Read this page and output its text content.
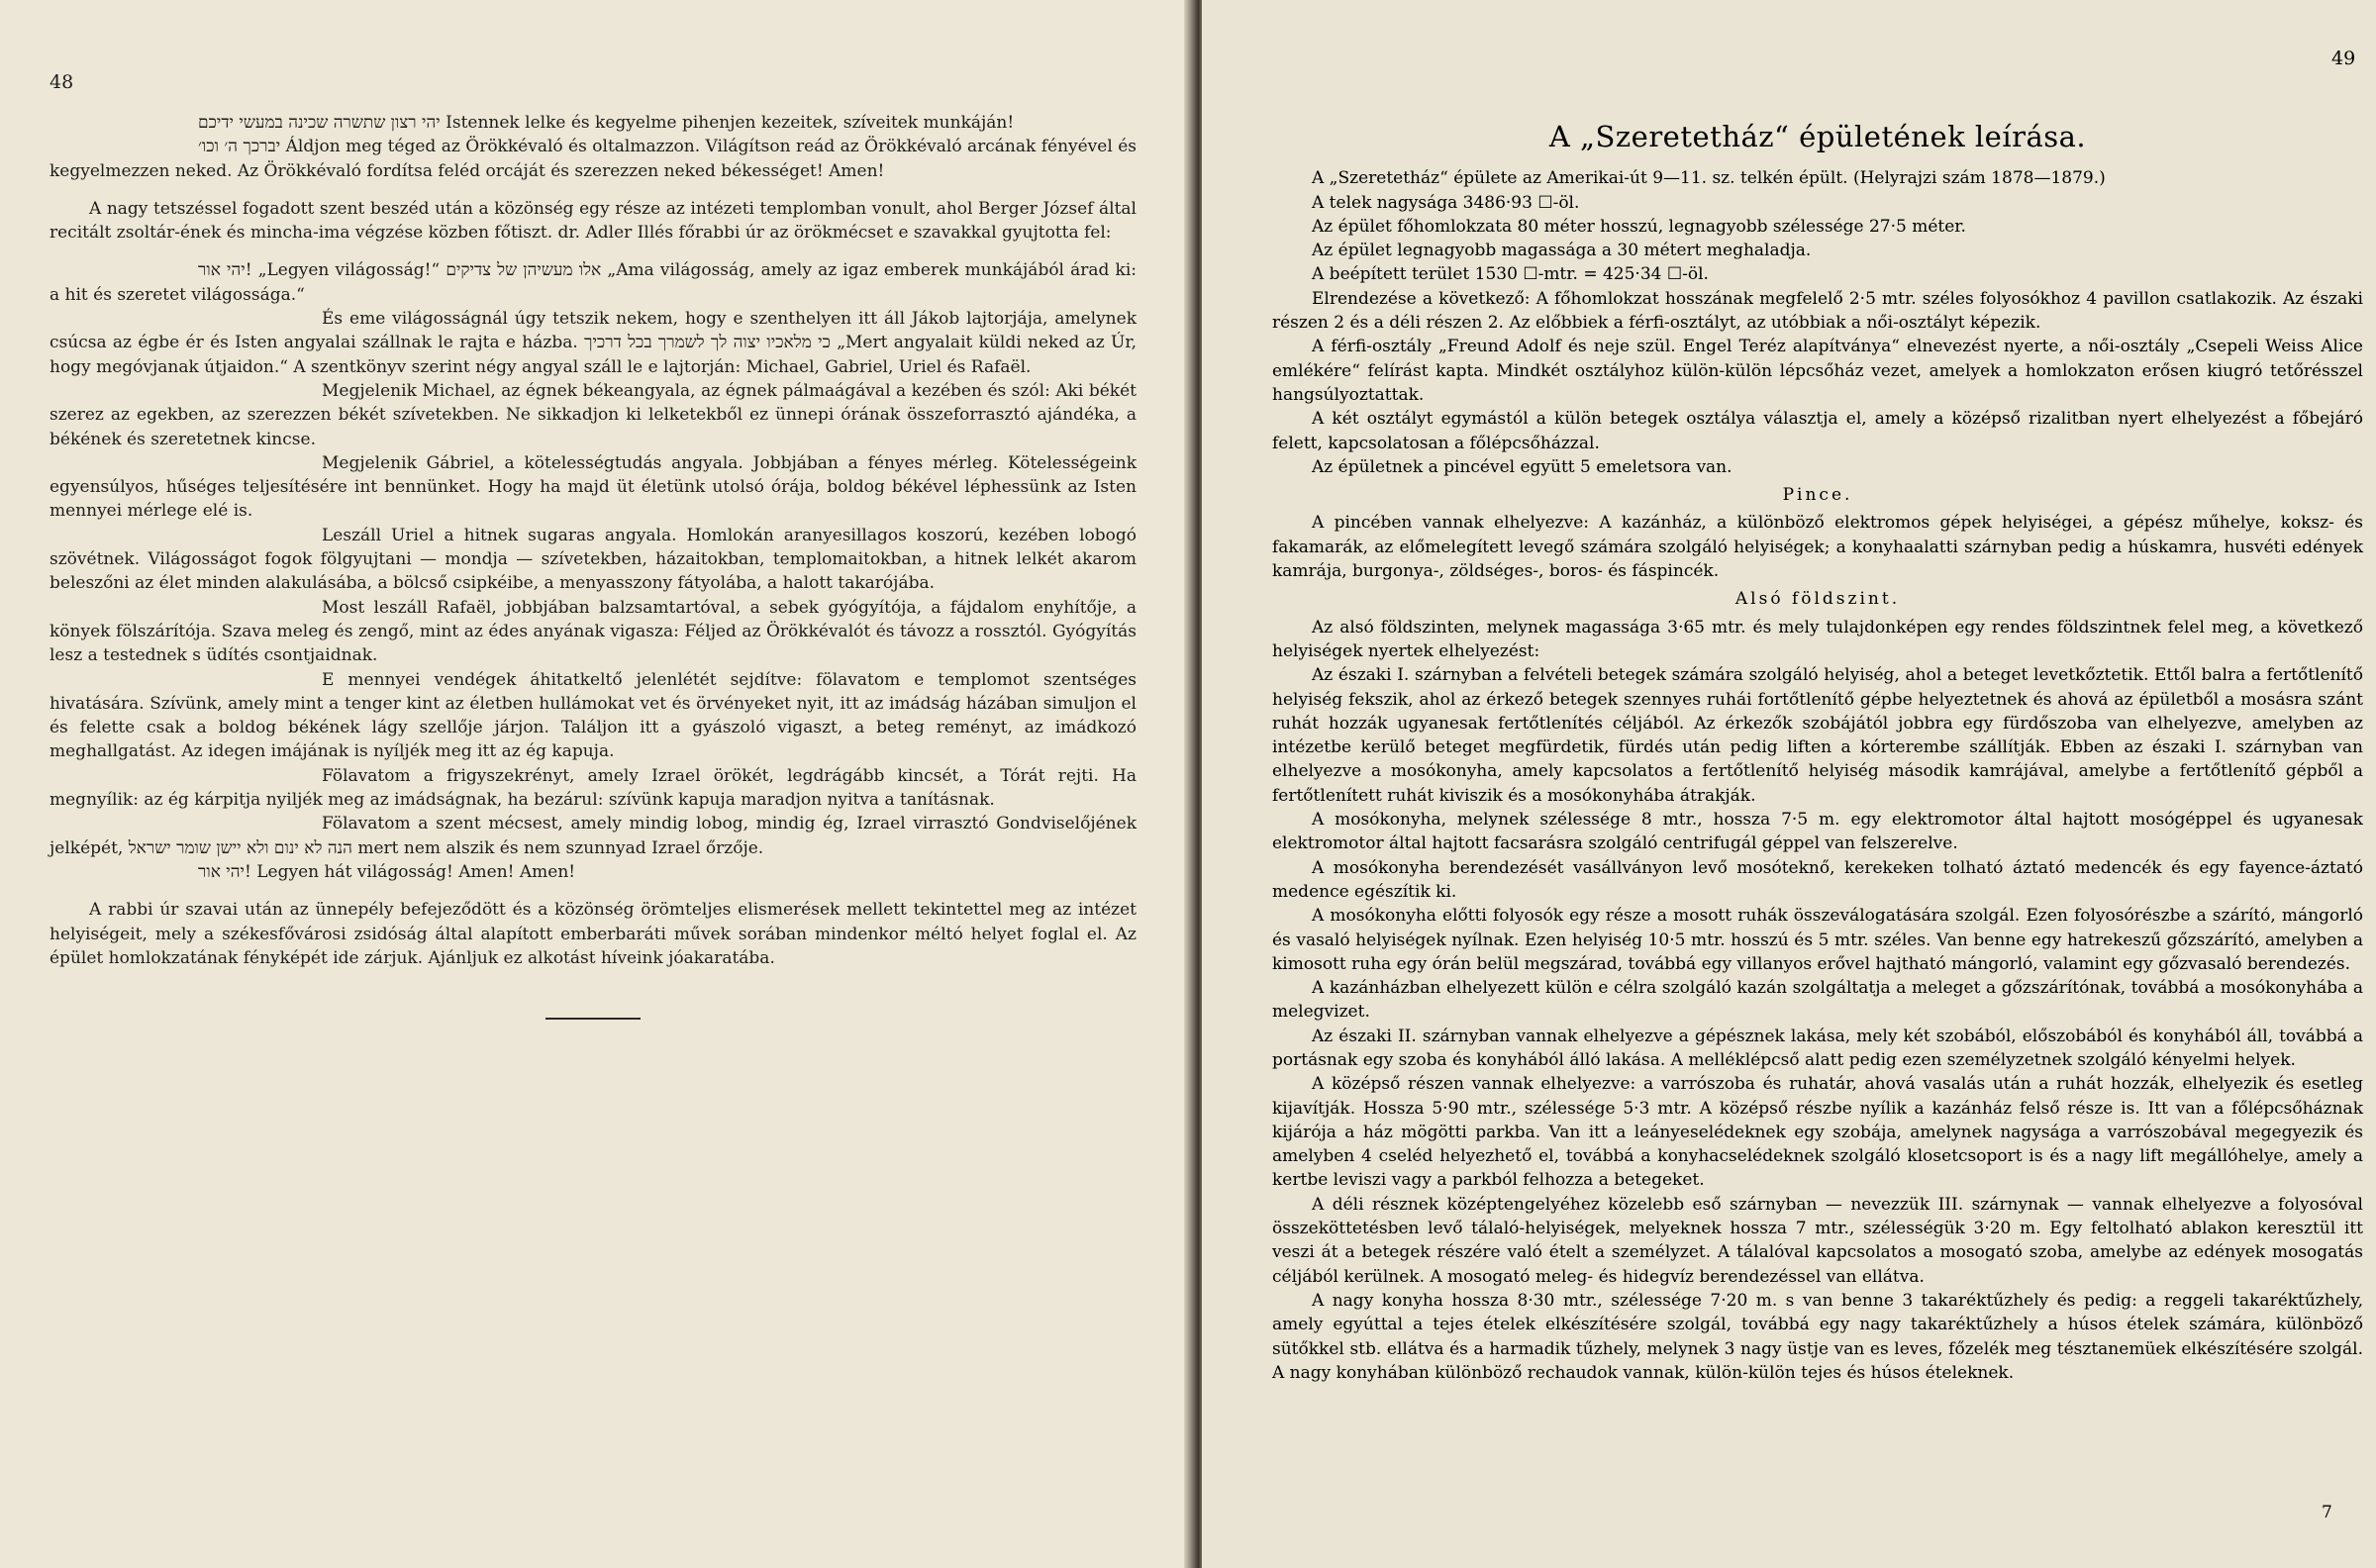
48

יהי רצון שתשרה שכינה במעשי ידיכם Istennek lelke és kegyelme pihenjen kezeitek, szíveitek munkáján!

יברכך ה׳ וכו׳ Áldjon meg téged az Örökkévaló és oltalmazzon. Világítson reád az Örökkévaló arcának fényével és kegyelmezzen neked. Az Örökkévaló fordítsa feléd orcáját és szerezzen neked békességet! Amen!

A nagy tetszéssel fogadott szent beszéd után a közönség egy része az intézeti templomban vonult, ahol Berger József által recitált zsoltár-ének és mincha-ima végzése közben főtiszt. dr. Adler Illés főrabbi úr az örökmécset e szavakkal gyujtotta fel:

יהי אור! „Legyen világosság!“ אלו מעשיהן של צדיקים „Ama világosság, amely az igaz emberek munkájából árad ki: a hit és szeretet világossága.“

És eme világosságnál úgy tetszik nekem, hogy e szenthelyen itt áll Jákob lajtorjája, amelynek csúcsa az égbe ér és Isten angyalai szállnak le rajta e házba. כי מלאכיו יצוה לך לשמרך בכל דרכיך „Mert angyalait küldi neked az Úr, hogy megóvjanak útjaidon.“ A szentkönyv szerint négy angyal száll le e lajtorján: Michael, Gabriel, Uriel és Rafaël.

Megjelenik Michael, az égnek békeangyala, az égnek pálmaágával a kezében és szól: Aki békét szerez az egekben, az szerezzen békét szívetekben. Ne sikkadjon ki lelketekből ez ünnepi órának összeforrasztó ajándéka, a békének és szeretetnek kincse.

Megjelenik Gábriel, a kötelességtudás angyala. Jobbjában a fényes mérleg. Kötelességeink egyensúlyos, hűséges teljesítésére int bennünket. Hogy ha majd üt életünk utolsó órája, boldog békével léphessünk az Isten mennyei mérlege elé is.

Leszáll Uriel a hitnek sugaras angyala. Homlokán aranyesillagos koszorú, kezében lobogó szövétnek. Világosságot fogok fölgyujtani — mondja — szívetekben, házaitokban, templomaitokban, a hitnek lelkét akarom beleszőni az élet minden alakulásába, a bölcső csipkéibe, a menyasszony fátyolába, a halott takarójába.

Most leszáll Rafaël, jobbjában balzsamtartóval, a sebek gyógyítója, a fájdalom enyhítője, a könyek fölszárítója. Szava meleg és zengő, mint az édes anyának vigasza: Féljed az Örökkévalót és távozz a rossztól. Gyógyítás lesz a testednek s üdítés csontjaidnak.

E mennyei vendégek áhitatkeltő jelenlétét sejdítve: fölavatom e templomot szentséges hivatására. Szívünk, amely mint a tenger kint az életben hullámokat vet és örvényeket nyit, itt az imádság házában simuljon el és felette csak a boldog békének lágy szellője járjon. Találjon itt a gyászoló vigaszt, a beteg reményt, az imádkozó meghallgatást. Az idegen imájának is nyíljék meg itt az ég kapuja.

Fölavatom a frigyszekrényt, amely Izrael örökét, legdrágább kincsét, a Tórát rejti. Ha megnyílik: az ég kárpitja nyiljék meg az imádságnak, ha bezárul: szívünk kapuja maradjon nyitva a tanításnak.

Fölavatom a szent mécsest, amely mindig lobog, mindig ég, Izrael virrasztó Gondviselőjének jelképét, הנה לא ינום ולא יישן שומר ישראל mert nem alszik és nem szunnyad Izrael őrzője.

יהי אור! Legyen hát világosság! Amen! Amen!

A rabbi úr szavai után az ünnepély befejeződött és a közönség örömteljes elismerések mellett tekintettel meg az intézet helyiségeit, mely a székesfővárosi zsidóság által alapított emberbaráti művek sorában mindenkor méltó helyet foglal el. Az épület homlokzatának fényképét ide zárjuk. Ajánljuk ez alkotást híveink jóakaratába.

49
A „Szeretetház“ épületének leírása.

A „Szeretetház“ épülete az Amerikai-út 9—11. sz. telkén épült. (Helyrajzi szám 1878—1879.)

A telek nagysága 3486·93 ☐-öl.

Az épület főhomlokzata 80 méter hosszú, legnagyobb szélessége 27·5 méter.

Az épület legnagyobb magassága a 30 métert meghaladja.

A beépített terület 1530 ☐-mtr. = 425·34 ☐-öl.

Elrendezése a következő: A főhomlokzat hosszának megfelelő 2·5 mtr. széles folyosókhoz 4 pavillon csatlakozik. Az északi részen 2 és a déli részen 2. Az előbbiek a férfi-osztályt, az utóbbiak a női-osztályt képezik.

A férfi-osztály „Freund Adolf és neje szül. Engel Teréz alapítványa“ elnevezést nyerte, a női-osztály „Csepeli Weiss Alice emlékére“ felírást kapta. Mindkét osztályhoz külön-külön lépcsőház vezet, amelyek a homlokzaton erősen kiugró tetőrésszel hangsúlyoztattak.

A két osztályt egymástól a külön betegek osztálya választja el, amely a középső rizalitban nyert elhelyezést a főbejáró felett, kapcsolatosan a főlépcsőházzal.

Az épületnek a pincével együtt 5 emeletsora van.

Pince.

A pincében vannak elhelyezve: A kazánház, a különböző elektromos gépek helyiségei, a gépész műhelye, koksz- és fakamarák, az előmelegített levegő számára szolgáló helyiségek; a konyhaalatti szárnyban pedig a húskamra, husvéti edények kamrája, burgonya-, zöldséges-, boros- és fáspincék.

Alsó földszint.

Az alsó földszinten, melynek magassága 3·65 mtr. és mely tulajdonképen egy rendes földszintnek felel meg, a következő helyiségek nyertek elhelyezést:

Az északi I. szárnyban a felvételi betegek számára szolgáló helyiség, ahol a beteget levetkőztetik. Ettől balra a fertőtlenítő helyiség fekszik, ahol az érkező betegek szennyes ruhái fortőtlenítő gépbe helyeztetnek és ahová az épületből a mosásra szánt ruhát hozzák ugyanesak fertőtlenítés céljából. Az érkezők szobájától jobbra egy fürdőszoba van elhelyezve, amelyben az intézetbe kerülő beteget megfürdetik, fürdés után pedig liften a kórterembe szállítják. Ebben az északi I. szárnyban van elhelyezve a mosókonyha, amely kapcsolatos a fertőtlenítő helyiség második kamrájával, amelybe a fertőtlenítő gépből a fertőtlenített ruhát kiviszik és a mosókonyhába átrakják.

A mosókonyha, melynek szélessége 8 mtr., hossza 7·5 m. egy elektromotor által hajtott mosógéppel és ugyanesak elektromotor által hajtott facsarásra szolgáló centrifugál géppel van felszerelve.

A mosókonyha berendezését vasállványon levő mosóteknő, kerekeken tolható áztató medencék és egy fayence-áztató medence egészítik ki.

A mosókonyha előtti folyosók egy része a mosott ruhák összeválogatására szolgál. Ezen folyosórészbe a szárító, mángorló és vasaló helyiségek nyílnak. Ezen helyiség 10·5 mtr. hosszú és 5 mtr. széles. Van benne egy hatrekeszű gőzszárító, amelyben a kimosott ruha egy órán belül megszárad, továbbá egy villanyos erővel hajtható mángorló, valamint egy gőzvasaló berendezés.

A kazánházban elhelyezett külön e célra szolgáló kazán szolgáltatja a meleget a gőzszárítónak, továbbá a mosókonyhába a melegvizet.

Az északi II. szárnyban vannak elhelyezve a gépésznek lakása, mely két szobából, előszobából és konyhából áll, továbbá a portásnak egy szoba és konyhából álló lakása. A melléklépcső alatt pedig ezen személyzetnek szolgáló kényelmi helyek.

A középső részen vannak elhelyezve: a varrószoba és ruhatár, ahová vasalás után a ruhát hozzák, elhelyezik és esetleg kijavítják. Hossza 5·90 mtr., szélessége 5·3 mtr. A középső részbe nyílik a kazánház felső része is. Itt van a főlépcsőháznak kijárója a ház mögötti parkba. Van itt a leányeselédeknek egy szobája, amelynek nagysága a varrószobával megegyezik és amelyben 4 cseléd helyezhető el, továbbá a konyhacselédeknek szolgáló klosetcsoport is és a nagy lift megállóhelye, amely a kertbe leviszi vagy a parkból felhozza a betegeket.

A déli résznek középtengelyéhez közelebb eső szárnyban — nevezzük III. szárnynak — vannak elhelyezve a folyosóval összeköttetésben levő tálaló-helyiségek, melyeknek hossza 7 mtr., szélességük 3·20 m. Egy feltolható ablakon keresztül itt veszi át a betegek részére való ételt a személyzet. A tálalóval kapcsolatos a mosogató szoba, amelybe az edények mosogatás céljából kerülnek. A mosogató meleg- és hidegvíz berendezéssel van ellátva.

A nagy konyha hossza 8·30 mtr., szélessége 7·20 m. s van benne 3 takaréktűzhely és pedig: a reggeli takaréktűzhely, amely egyúttal a tejes ételek elkészítésére szolgál, továbbá egy nagy takaréktűzhely a húsos ételek számára, különböző sütőkkel stb. ellátva és a harmadik tűzhely, melynek 3 nagy üstje van es leves, főzelék meg tésztanemüek elkészítésére szolgál. A nagy konyhában különböző rechaudok vannak, külön-külön tejes és húsos ételeknek.

7
